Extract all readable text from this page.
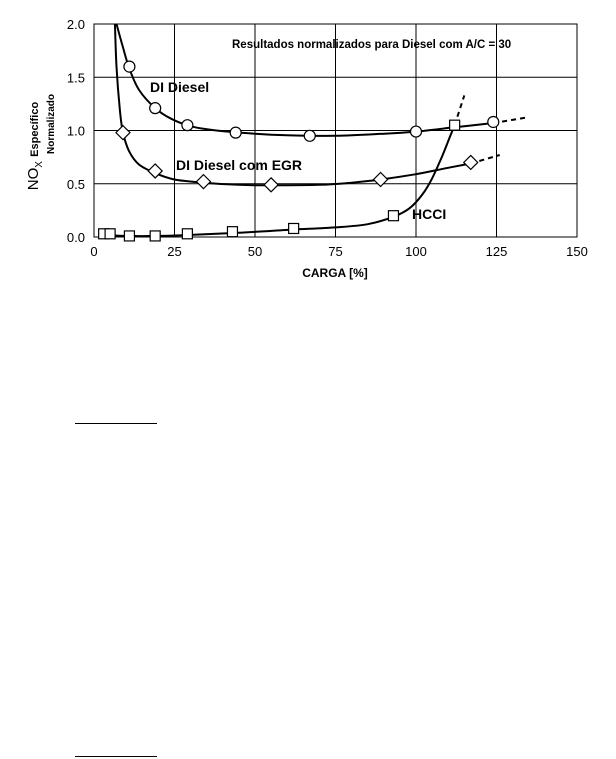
0	25	50	75	100	125	150
0.0
0.5
1.0
1.5
2.0
Resultados normalizados para Diesel com A/C = 30
DI Diesel
DI Diesel com EGR
HCCI
CARGA [%]
$NO_X$ Específico Normalizado
